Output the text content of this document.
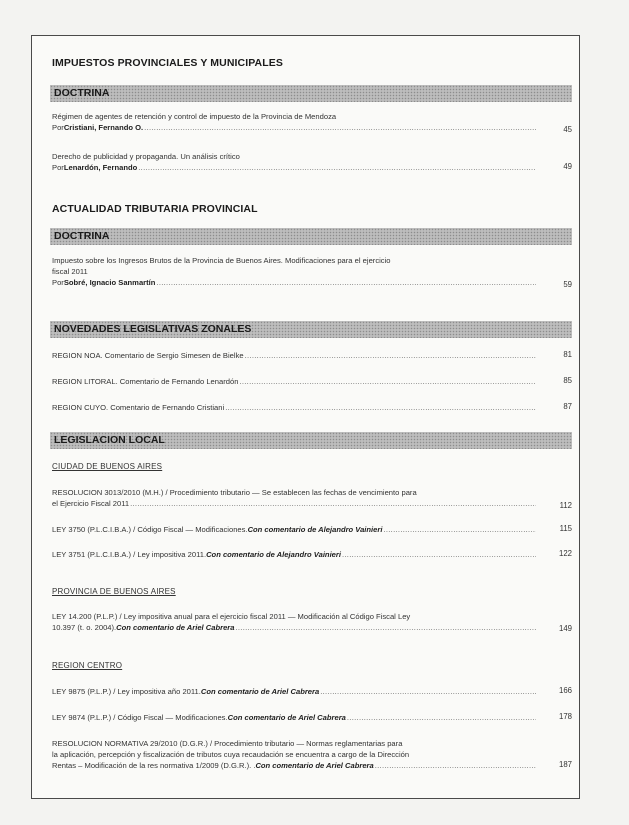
IMPUESTOS PROVINCIALES Y MUNICIPALES
DOCTRINA
Régimen de agentes de retención y control de impuesto de la Provincia de Mendoza
Por Cristiani, Fernando O. .....	45
Derecho de publicidad y propaganda. Un análisis crítico
Por Lenardón, Fernando .....	49
ACTUALIDAD TRIBUTARIA PROVINCIAL
DOCTRINA
Impuesto sobre los Ingresos Brutos de la Provincia de Buenos Aires. Modificaciones para el ejercicio
fiscal 2011
Por Sobré, Ignacio Sanmartín .....	59
NOVEDADES LEGISLATIVAS ZONALES
REGION NOA. Comentario de Sergio Simesen de Bielke .....	81
REGION LITORAL. Comentario de Fernando Lenardón .....	85
REGION CUYO. Comentario de Fernando Cristiani .....	87
LEGISLACION LOCAL
CIUDAD DE BUENOS AIRES
RESOLUCION 3013/2010 (M.H.) / Procedimiento tributario — Se establecen las fechas de vencimiento para
el Ejercicio Fiscal 2011 .....	112
LEY 3750 (P.L.C.I.B.A.) / Código Fiscal — Modificaciones. Con comentario de Alejandro Vainieri .....	115
LEY 3751 (P.L.C.I.B.A.) / Ley impositiva 2011. Con comentario de Alejandro Vainieri .....	122
PROVINCIA DE BUENOS AIRES
LEY 14.200 (P.L.P.) / Ley impositiva anual para el ejercicio fiscal 2011 — Modificación al Código Fiscal Ley
10.397 (t. o. 2004). Con comentario de Ariel Cabrera .....	149
REGION CENTRO
LEY 9875 (P.L.P.) / Ley impositiva año 2011. Con comentario de Ariel Cabrera .....	166
LEY 9874 (P.L.P.) / Código Fiscal — Modificaciones. Con comentario de Ariel Cabrera .....	178
RESOLUCION NORMATIVA 29/2010 (D.G.R.) / Procedimiento tributario — Normas reglamentarias para
la aplicación, percepción y fiscalización de tributos cuya recaudación se encuentra a cargo de la Dirección
Rentas – Modificación de la res normativa 1/2009 (D.G.R.). . Con comentario de Ariel Cabrera .....	187
